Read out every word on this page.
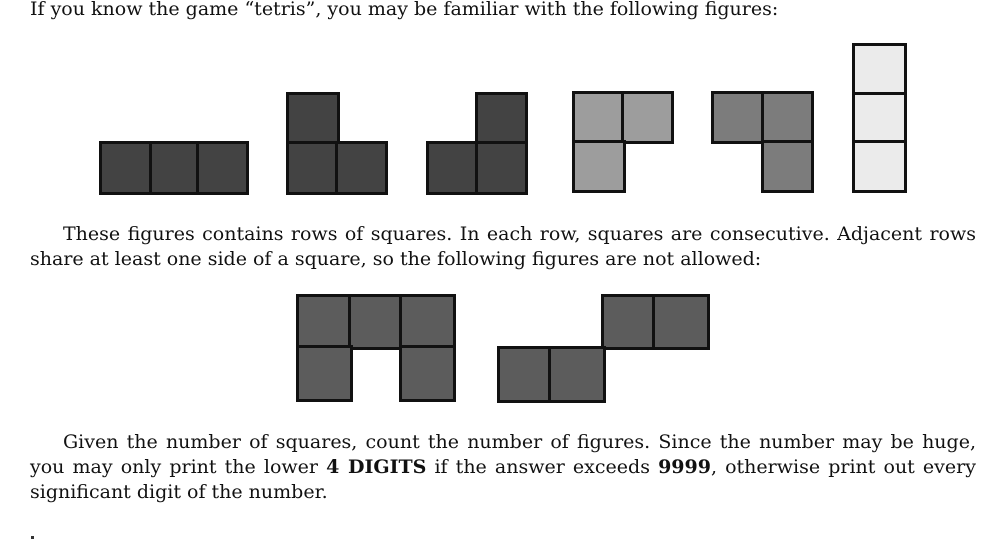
If you know the game “tetris”, you may be familiar with the following figures:

These figures contains rows of squares. In each row, squares are consecutive. Adjacent rows share at least one side of a square, so the following figures are not allowed:

Given the number of squares, count the number of figures. Since the number may be huge, you may only print the lower 4 DIGITS if the answer exceeds 9999, otherwise print out every significant digit of the number.
